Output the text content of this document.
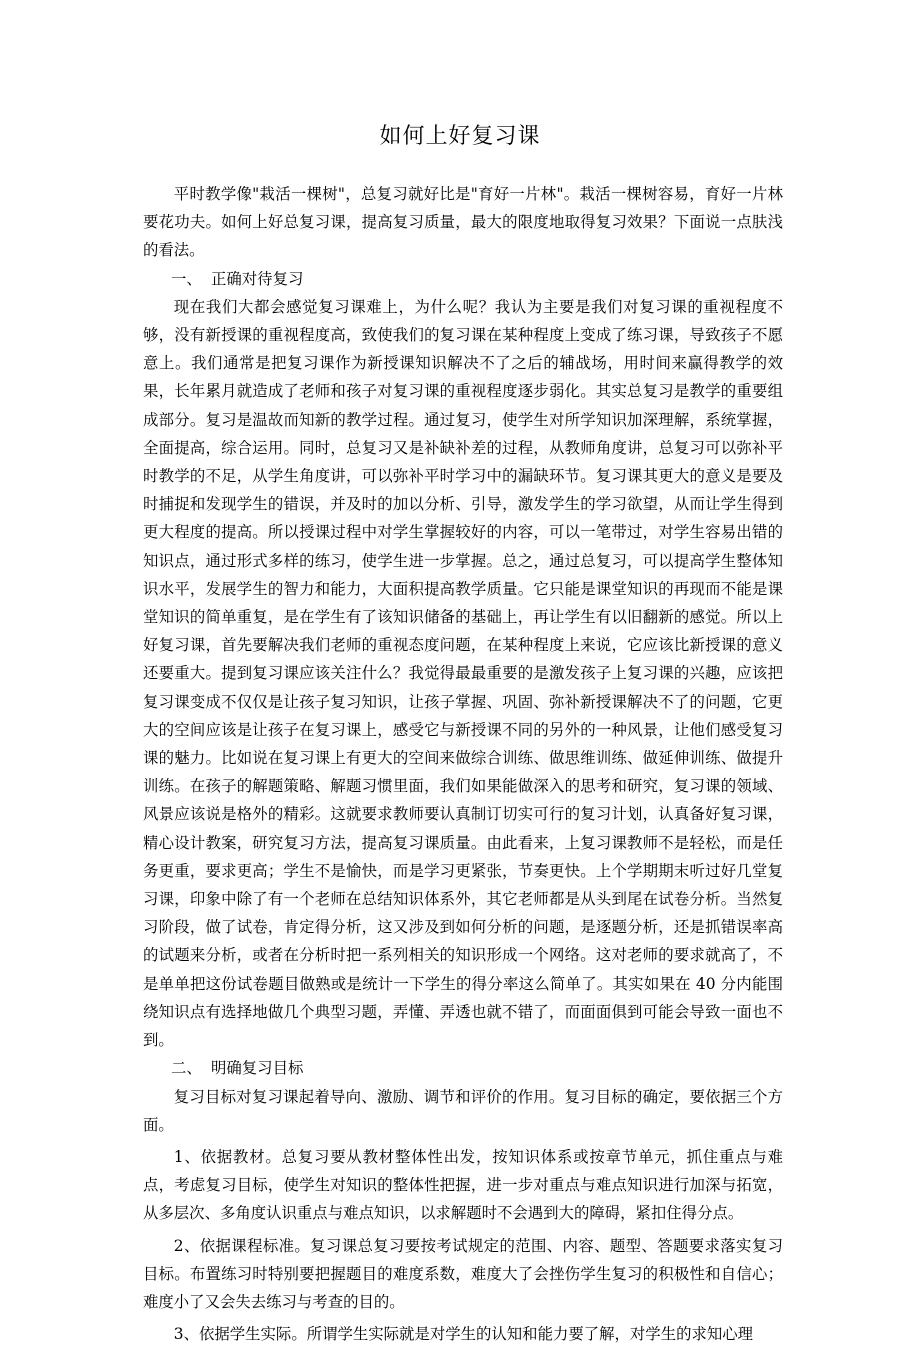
如何上好复习课

平时教学像"栽活一棵树"，总复习就好比是"育好一片林"。栽活一棵树容易，育好一片林要花功夫。如何上好总复习课，提高复习质量，最大的限度地取得复习效果？下面说一点肤浅的看法。

一、 正确对待复习

现在我们大都会感觉复习课难上，为什么呢？我认为主要是我们对复习课的重视程度不够，没有新授课的重视程度高，致使我们的复习课在某种程度上变成了练习课，导致孩子不愿意上。我们通常是把复习课作为新授课知识解决不了之后的辅战场，用时间来赢得教学的效果，长年累月就造成了老师和孩子对复习课的重视程度逐步弱化。其实总复习是教学的重要组成部分。复习是温故而知新的教学过程。通过复习，使学生对所学知识加深理解，系统掌握，全面提高，综合运用。同时，总复习又是补缺补差的过程，从教师角度讲，总复习可以弥补平时教学的不足，从学生角度讲，可以弥补平时学习中的漏缺环节。复习课其更大的意义是要及时捕捉和发现学生的错误，并及时的加以分析、引导，激发学生的学习欲望，从而让学生得到更大程度的提高。所以授课过程中对学生掌握较好的内容，可以一笔带过，对学生容易出错的知识点，通过形式多样的练习，使学生进一步掌握。总之，通过总复习，可以提高学生整体知识水平，发展学生的智力和能力，大面积提高教学质量。它只能是课堂知识的再现而不能是课堂知识的简单重复，是在学生有了该知识储备的基础上，再让学生有以旧翻新的感觉。所以上好复习课，首先要解决我们老师的重视态度问题，在某种程度上来说，它应该比新授课的意义还要重大。提到复习课应该关注什么？我觉得最最重要的是激发孩子上复习课的兴趣，应该把复习课变成不仅仅是让孩子复习知识，让孩子掌握、巩固、弥补新授课解决不了的问题，它更大的空间应该是让孩子在复习课上，感受它与新授课不同的另外的一种风景，让他们感受复习课的魅力。比如说在复习课上有更大的空间来做综合训练、做思维训练、做延伸训练、做提升训练。在孩子的解题策略、解题习惯里面，我们如果能做深入的思考和研究，复习课的领域、风景应该说是格外的精彩。这就要求教师要认真制订切实可行的复习计划，认真备好复习课，精心设计教案，研究复习方法，提高复习课质量。由此看来，上复习课教师不是轻松，而是任务更重，要求更高；学生不是愉快，而是学习更紧张，节奏更快。上个学期期末听过好几堂复习课，印象中除了有一个老师在总结知识体系外，其它老师都是从头到尾在试卷分析。当然复习阶段，做了试卷，肯定得分析，这又涉及到如何分析的问题，是逐题分析，还是抓错误率高的试题来分析，或者在分析时把一系列相关的知识形成一个网络。这对老师的要求就高了，不是单单把这份试卷题目做熟或是统计一下学生的得分率这么简单了。其实如果在 40 分内能围绕知识点有选择地做几个典型习题，弄懂、弄透也就不错了，而面面俱到可能会导致一面也不到。

二、 明确复习目标

复习目标对复习课起着导向、激励、调节和评价的作用。复习目标的确定，要依据三个方面。

1、依据教材。总复习要从教材整体性出发，按知识体系或按章节单元，抓住重点与难点，考虑复习目标，使学生对知识的整体性把握，进一步对重点与难点知识进行加深与拓宽，从多层次、多角度认识重点与难点知识，以求解题时不会遇到大的障碍，紧扣住得分点。

2、依据课程标准。复习课总复习要按考试规定的范围、内容、题型、答题要求落实复习目标。布置练习时特别要把握题目的难度系数，难度大了会挫伤学生复习的积极性和自信心；难度小了又会失去练习与考查的目的。

3、依据学生实际。所谓学生实际就是对学生的认知和能力要了解，对学生的求知心理
